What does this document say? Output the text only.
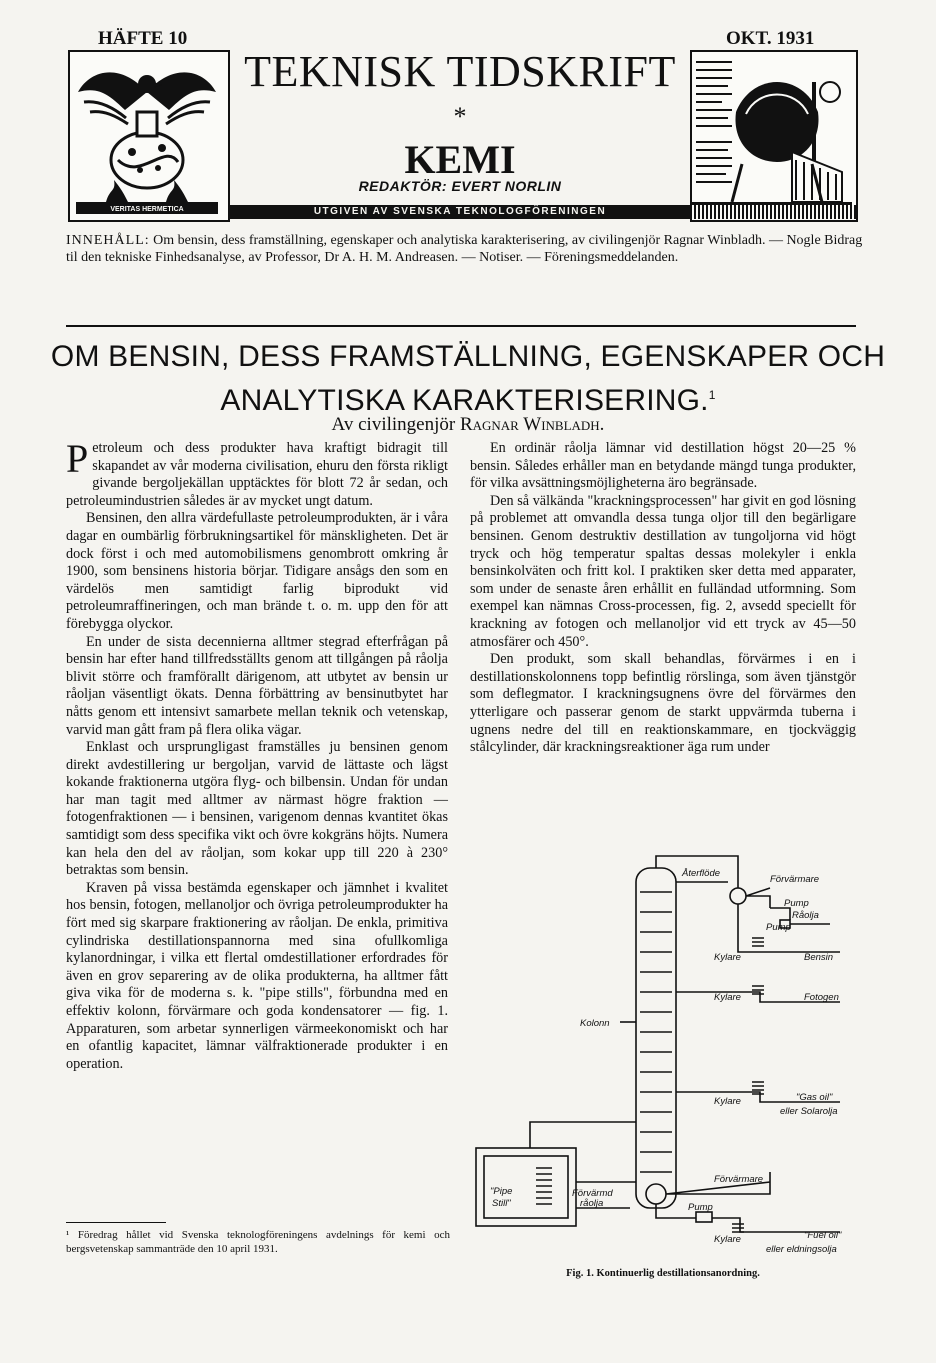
HÄFTE 10	OKT. 1931
VERITAS HERMETICA
TEKNISK TIDSKRIFT
*
KEMI
REDAKTÖR: EVERT NORLIN
UTGIVEN AV SVENSKA TEKNOLOGFÖRENINGEN
INNEHÅLL: Om bensin, dess framställning, egenskaper och analytiska karakterisering, av civilingenjör Ragnar Winbladh. — Nogle Bidrag til den tekniske Finhedsanalyse, av Professor, Dr A. H. M. Andreasen. — Notiser. — Föreningsmeddelanden.
OM BENSIN, DESS FRAMSTÄLLNING, EGENSKAPER OCH
ANALYTISKA KARAKTERISERING.$^1$
Av civilingenjör Ragnar Winbladh.

Petroleum och dess produkter hava kraftigt bidragit till skapandet av vår moderna civilisation, ehuru den första rikligt givande bergoljekällan upptäcktes för blott 72 år sedan, och petroleumindustrien således är av mycket ungt datum.

Bensinen, den allra värdefullaste petroleumprodukten, är i våra dagar en oumbärlig förbrukningsartikel för mänskligheten. Det är dock först i och med automobilismens genombrott omkring år 1900, som bensinens historia börjar. Tidigare ansågs den som en värdelös men samtidigt farlig biprodukt vid petroleumraffineringen, och man brände t. o. m. upp den för att förebygga olyckor.

En under de sista decennierna alltmer stegrad efterfrågan på bensin har efter hand tillfredsställts genom att tillgången på råolja blivit större och framförallt därigenom, att utbytet av bensin ur råoljan väsentligt ökats. Denna förbättring av bensinutbytet har nåtts genom ett intensivt samarbete mellan teknik och vetenskap, varvid man gått fram på flera olika vägar.

Enklast och ursprungligast framställes ju bensinen genom direkt avdestillering ur bergoljan, varvid de lättaste och lägst kokande fraktionerna utgöra flyg- och bilbensin. Undan för undan har man tagit med alltmer av närmast högre fraktion — fotogenfraktionen — i bensinen, varigenom dennas kvantitet ökas samtidigt som dess specifika vikt och övre kokgräns höjts. Numera kan hela den del av råoljan, som kokar upp till 220 à 230° betraktas som bensin.

Kraven på vissa bestämda egenskaper och jämnhet i kvalitet hos bensin, fotogen, mellanoljor och övriga petroleumprodukter ha fört med sig skarpare fraktionering av råoljan. De enkla, primitiva cylindriska destillationspannorna med sina ofullkomliga kylanordningar, i vilka ett flertal omdestillationer erfordrades för även en grov separering av de olika produkterna, ha alltmer fått giva vika för de moderna s. k. "pipe stills", förbundna med en effektiv kolonn, förvärmare och goda kondensatorer — fig. 1. Apparaturen, som arbetar synnerligen värmeekonomiskt och har en ofantlig kapacitet, lämnar välfraktionerade produkter i en operation.

¹ Föredrag hållet vid Svenska teknologföreningens avdelnings för kemi och bergsvetenskap sammanträde den 10 april 1931.

En ordinär råolja lämnar vid destillation högst 20—25 % bensin. Således erhåller man en betydande mängd tunga produkter, för vilka avsättningsmöjligheterna äro begränsade.

Den så välkända "krackningsprocessen" har givit en god lösning på problemet att omvandla dessa tunga oljor till den begärligare bensinen. Genom destruktiv destillation av tungoljorna vid högt tryck och hög temperatur spaltas dessas molekyler i enkla bensinkolväten och fritt kol. I praktiken sker detta med apparater, som under de senaste åren erhållit en fulländad utformning. Som exempel kan nämnas Cross-processen, fig. 2, avsedd speciellt för krackning av fotogen och mellanoljor vid ett tryck av 45—50 atmosfärer och 450°.

Den produkt, som skall behandlas, förvärmes i en i destillationskolonnens topp befintlig rörslinga, som även tjänstgör som deflegmator. I krackningsugnens övre del förvärmes den ytterligare och passerar genom de starkt uppvärmda tuberna i ugnens nedre del till en reaktionskammare, en tjockväggig stålcylinder, där krackningsreaktioner äga rum under

Återflöde
Förvärmare
Pump
Råolja
Pump
Kylare	Bensin
Kylare	Fotogen
Kolonn
Kylare	"Gas oil"
eller Solarolja
Förvärmare
"Pipe
Still"
Förvärmd
råolja	Pump
Kylare	"Fuel oil"
eller eldningsolja
Fig. 1. Kontinuerlig destillationsanordning.
